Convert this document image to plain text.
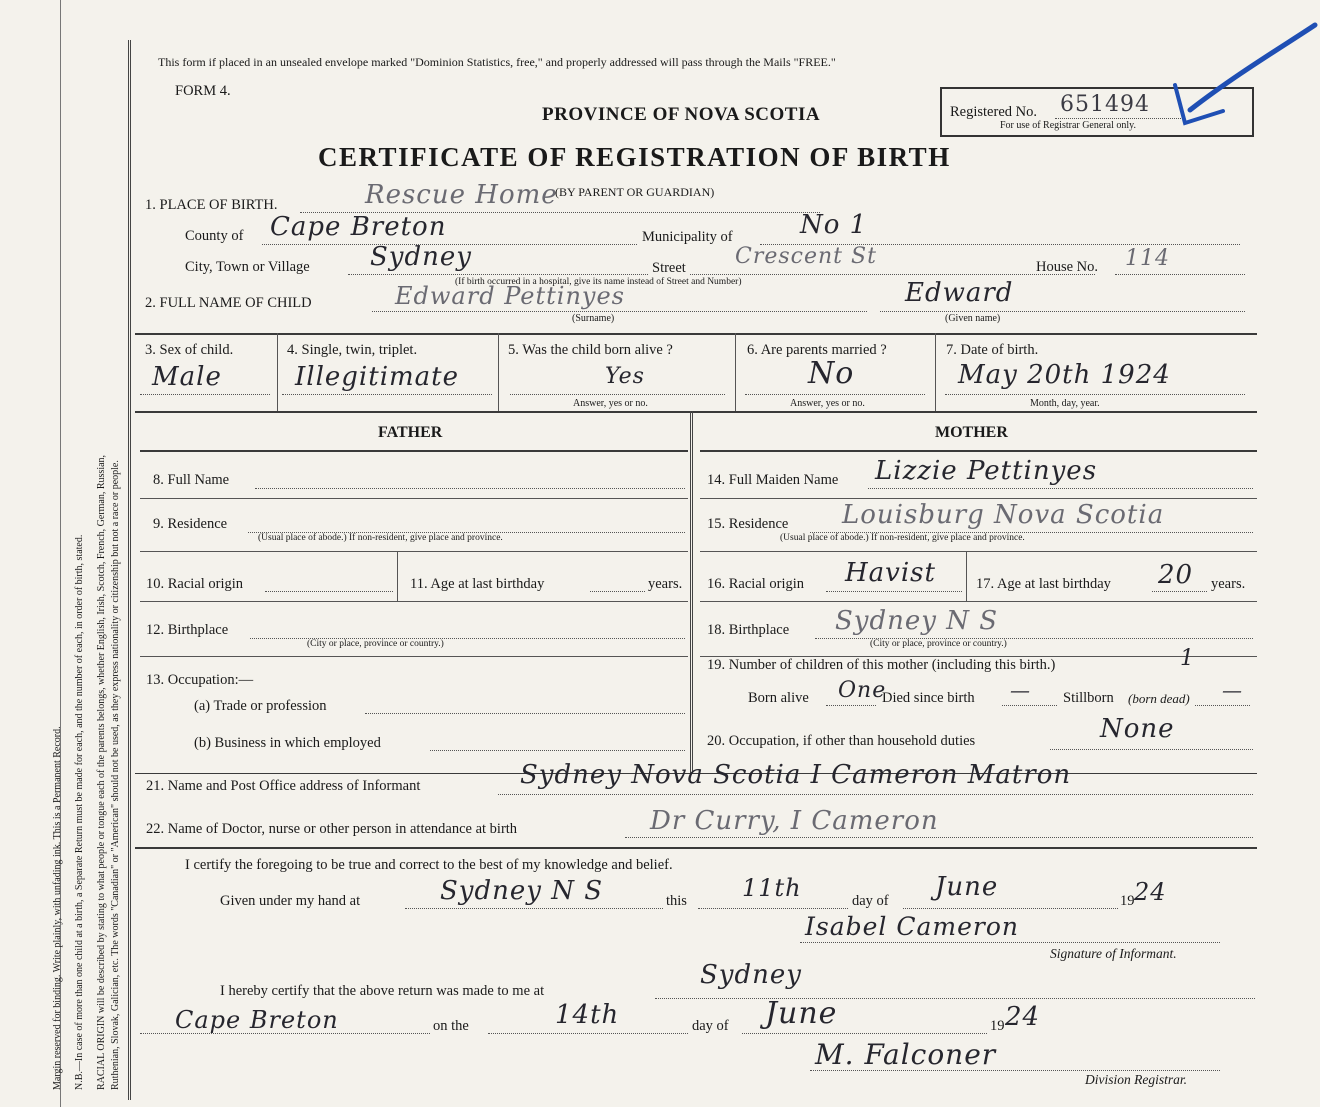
Margin reserved for binding. Write plainly, with unfading ink. This is a Permanent Record. N.B.—In case of more than one child at a birth, a Separate Return must be made for each, and the number of each, in order of birth, stated. RACIAL ORIGIN will be described by stating to what people or tongue each of the parents belongs, whether English, Irish, Scotch, French, German, Russian, Ruthenian, Slovak, Galician, etc. The words "Canadian" or "American" should not be used, as they express nationality or citizenship but not a race or people.
This form if placed in an unsealed envelope marked "Dominion Statistics, free," and properly addressed will pass through the Mails "FREE."
FORM 4.
PROVINCE OF NOVA SCOTIA
CERTIFICATE OF REGISTRATION OF BIRTH
Registered No. 651494
For use of Registrar General only.
1. PLACE OF BIRTH.	Rescue Home
(BY PARENT OR GUARDIAN)
County of Cape Breton	Municipality of	No 1
City, Town or Village Sydney	Street Crescent St	House No. 114
(If birth occurred in a hospital, give its name instead of Street and Number)
2. FULL NAME OF CHILD	Edward Pettinyes
(Surname)
Edward
(Given name)
3. Sex of child.
Male
4. Single, twin, triplet.
Illegitimate
5. Was the child born alive ?
Yes
Answer, yes or no.
6. Are parents married ?
No
Answer, yes or no.
7. Date of birth.
May 20th 1924
Month, day, year.
FATHER	MOTHER
8. Full Name
9. Residence
(Usual place of abode.) If non-resident, give place and province.
10. Racial origin	11. Age at last birthday	years.
12. Birthplace
(City or place, province or country.)
13. Occupation:—
(a) Trade or profession
(b) Business in which employed
14. Full Maiden Name Lizzie Pettinyes
15. Residence Louisburg Nova Scotia
(Usual place of abode.) If non-resident, give place and province.
16. Racial origin Havist	17. Age at last birthday 20 years.
18. Birthplace Sydney N S
(City or place, province or country.)
19. Number of children of this mother (including this birth.)	1
Born alive One
Died since birth — Stillborn (born dead) —
20. Occupation, if other than household duties	None
21. Name and Post Office address of Informant	Sydney Nova Scotia I Cameron Matron
22. Name of Doctor, nurse or other person in attendance at birth	Dr Curry, I Cameron
I certify the foregoing to be true and correct to the best of my knowledge and belief.
Given under my hand at	Sydney N S	this 11th	day of June	19 24
Isabel Cameron
Signature of Informant.
I hereby certify that the above return was made to me at
Sydney
Cape Breton	on the	14th	day of June	19 24
M. Falconer
Division Registrar.
